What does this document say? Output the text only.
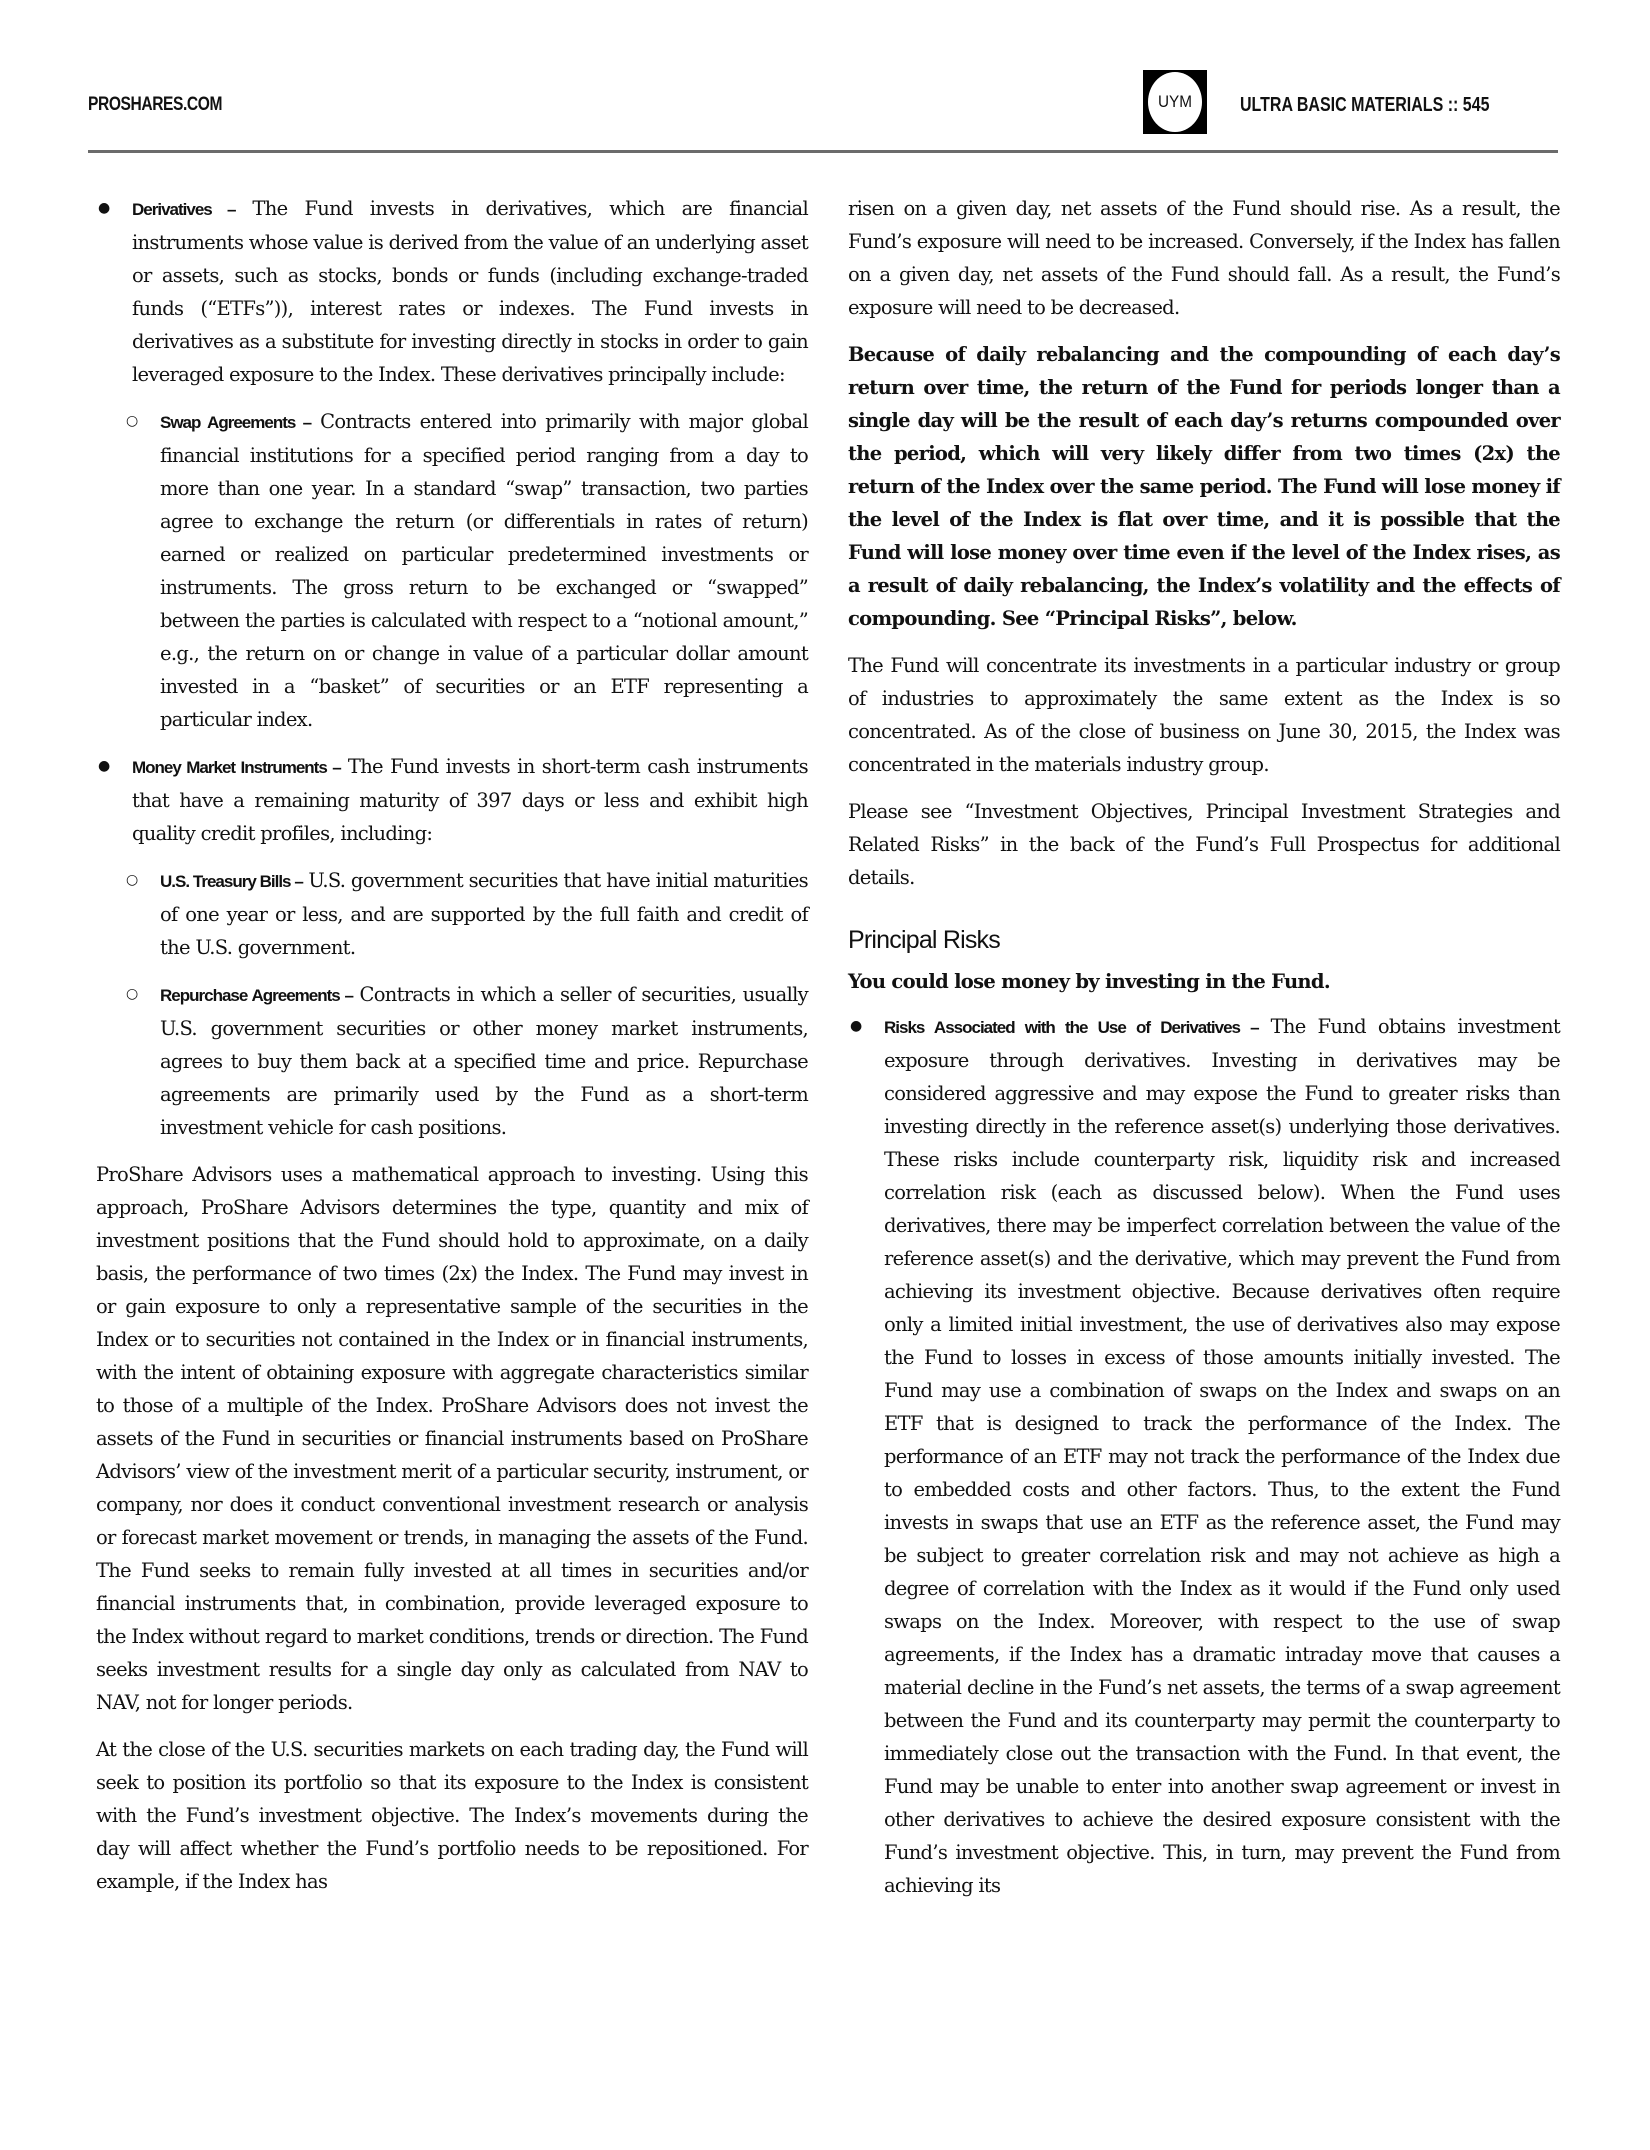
PROSHARES.COM	UYM	ULTRA BASIC MATERIALS :: 545
● Derivatives – The Fund invests in derivatives, which are financial instruments whose value is derived from the value of an underlying asset or assets, such as stocks, bonds or funds (including exchange-traded funds (“ETFs”)), interest rates or indexes. The Fund invests in derivatives as a substitute for investing directly in stocks in order to gain leveraged exposure to the Index. These derivatives principally include:
○ Swap Agreements – Contracts entered into primarily with major global financial institutions for a specified period ranging from a day to more than one year. In a standard “swap” transaction, two parties agree to exchange the return (or differentials in rates of return) earned or realized on particular predetermined investments or instruments. The gross return to be exchanged or “swapped” between the parties is calculated with respect to a “notional amount,” e.g., the return on or change in value of a particular dollar amount invested in a “basket” of securities or an ETF representing a particular index.
● Money Market Instruments – The Fund invests in short-term cash instruments that have a remaining maturity of 397 days or less and exhibit high quality credit profiles, including:
○ U.S. Treasury Bills – U.S. government securities that have initial maturities of one year or less, and are supported by the full faith and credit of the U.S. government.
○ Repurchase Agreements – Contracts in which a seller of securities, usually U.S. government securities or other money market instruments, agrees to buy them back at a specified time and price. Repurchase agreements are primarily used by the Fund as a short-term investment vehicle for cash positions.

ProShare Advisors uses a mathematical approach to investing. Using this approach, ProShare Advisors determines the type, quantity and mix of investment positions that the Fund should hold to approximate, on a daily basis, the performance of two times (2x) the Index. The Fund may invest in or gain exposure to only a representative sample of the securities in the Index or to securities not contained in the Index or in financial instruments, with the intent of obtaining exposure with aggregate characteristics similar to those of a multiple of the Index. ProShare Advisors does not invest the assets of the Fund in securities or financial instruments based on ProShare Advisors’ view of the investment merit of a particular security, instrument, or company, nor does it conduct conventional investment research or analysis or forecast market movement or trends, in managing the assets of the Fund. The Fund seeks to remain fully invested at all times in securities and/or financial instruments that, in combination, provide leveraged exposure to the Index without regard to market conditions, trends or direction. The Fund seeks investment results for a single day only as calculated from NAV to NAV, not for longer periods.

At the close of the U.S. securities markets on each trading day, the Fund will seek to position its portfolio so that its exposure to the Index is consistent with the Fund’s investment objective. The Index’s movements during the day will affect whether the Fund’s portfolio needs to be repositioned. For example, if the Index has

risen on a given day, net assets of the Fund should rise. As a result, the Fund’s exposure will need to be increased. Conversely, if the Index has fallen on a given day, net assets of the Fund should fall. As a result, the Fund’s exposure will need to be decreased.

Because of daily rebalancing and the compounding of each day’s return over time, the return of the Fund for periods longer than a single day will be the result of each day’s returns compounded over the period, which will very likely differ from two times (2x) the return of the Index over the same period. The Fund will lose money if the level of the Index is flat over time, and it is possible that the Fund will lose money over time even if the level of the Index rises, as a result of daily rebalancing, the Index’s volatility and the effects of compounding. See “Principal Risks”, below.

The Fund will concentrate its investments in a particular industry or group of industries to approximately the same extent as the Index is so concentrated. As of the close of business on June 30, 2015, the Index was concentrated in the materials industry group.

Please see “Investment Objectives, Principal Investment Strategies and Related Risks” in the back of the Fund’s Full Prospectus for additional details.

Principal Risks

You could lose money by investing in the Fund.

● Risks Associated with the Use of Derivatives – The Fund obtains investment exposure through derivatives. Investing in derivatives may be considered aggressive and may expose the Fund to greater risks than investing directly in the reference asset(s) underlying those derivatives. These risks include counterparty risk, liquidity risk and increased correlation risk (each as discussed below). When the Fund uses derivatives, there may be imperfect correlation between the value of the reference asset(s) and the derivative, which may prevent the Fund from achieving its investment objective. Because derivatives often require only a limited initial investment, the use of derivatives also may expose the Fund to losses in excess of those amounts initially invested. The Fund may use a combination of swaps on the Index and swaps on an ETF that is designed to track the performance of the Index. The performance of an ETF may not track the performance of the Index due to embedded costs and other factors. Thus, to the extent the Fund invests in swaps that use an ETF as the reference asset, the Fund may be subject to greater correlation risk and may not achieve as high a degree of correlation with the Index as it would if the Fund only used swaps on the Index. Moreover, with respect to the use of swap agreements, if the Index has a dramatic intraday move that causes a material decline in the Fund’s net assets, the terms of a swap agreement between the Fund and its counterparty may permit the counterparty to immediately close out the transaction with the Fund. In that event, the Fund may be unable to enter into another swap agreement or invest in other derivatives to achieve the desired exposure consistent with the Fund’s investment objective. This, in turn, may prevent the Fund from achieving its
